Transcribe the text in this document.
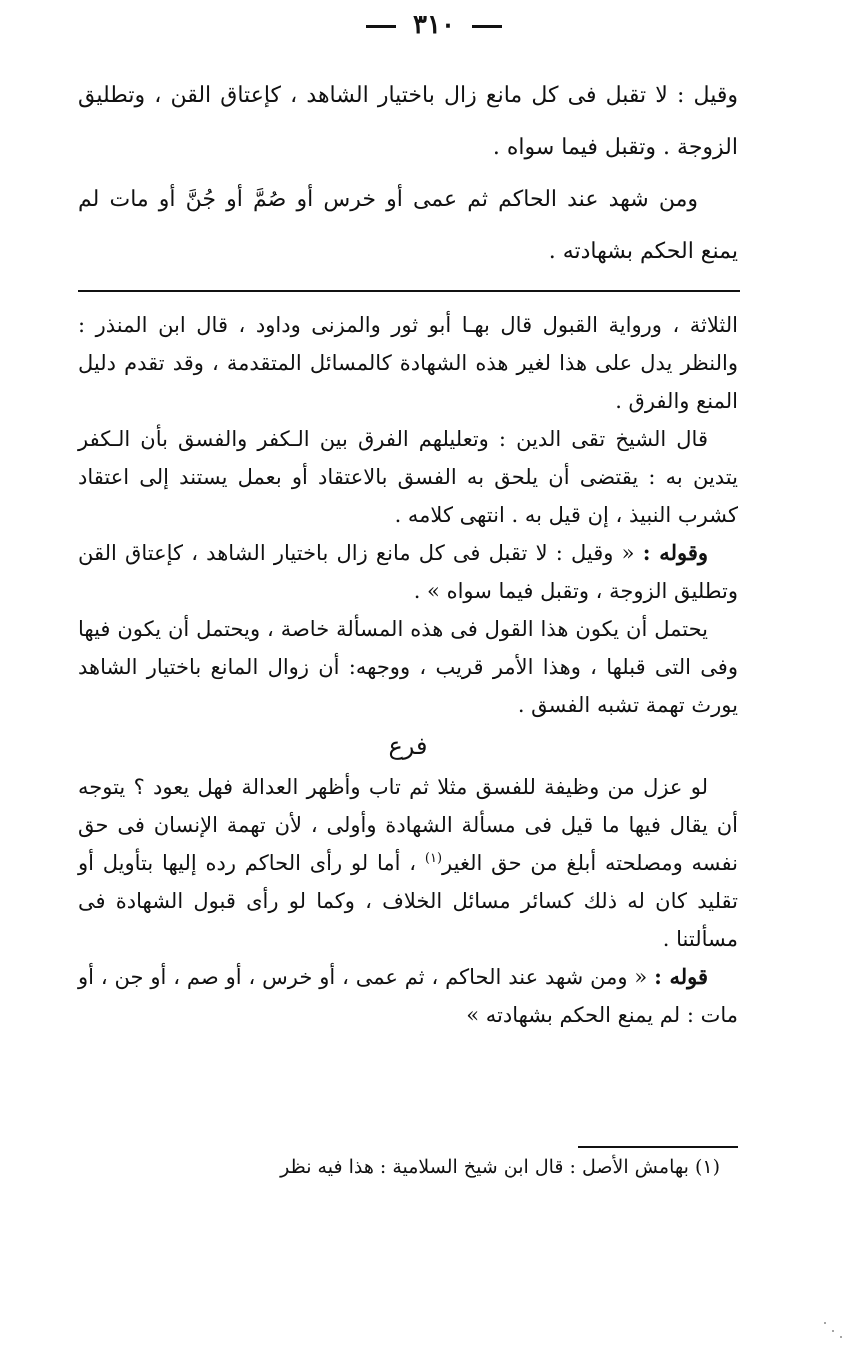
٣١٠

وقيل : لا تقبل فى كل مانع زال باختيار الشاهد ، كإعتاق القن ، وتطليق الزوجة . وتقبل فيما سواه .

ومن شهد عند الحاكم ثم عمى أو خرس أو صُمَّ أو جُنَّ أو مات لم يمنع الحكم بشهادته .

الثلاثة ، ورواية القبول قال بهـا أبو ثور والمزنى وداود ، قال ابن المنذر : والنظر يدل على هذا لغير هذه الشهادة كالمسائل المتقدمة ، وقد تقدم دليل المنع والفرق .

قال الشيخ تقى الدين : وتعليلهم الفرق بين الـكفر والفسق بأن الـكفر يتدين به : يقتضى أن يلحق به الفسق بالاعتقاد أو بعمل يستند إلى اعتقاد كشرب النبيذ ، إن قيل به . انتهى كلامه .

وقوله : « وقيل : لا تقبل فى كل مانع زال باختيار الشاهد ، كإعتاق القن وتطليق الزوجة ، وتقبل فيما سواه » .

يحتمل أن يكون هذا القول فى هذه المسألة خاصة ، ويحتمل أن يكون فيها وفى التى قبلها ، وهذا الأمر قريب ، ووجهه: أن زوال المانع باختيار الشاهد يورث تهمة تشبه الفسق .

فرع

لو عزل من وظيفة للفسق مثلا ثم تاب وأظهر العدالة فهل يعود ؟ يتوجه أن يقال فيها ما قيل فى مسألة الشهادة وأولى ، لأن تهمة الإنسان فى حق نفسه ومصلحته أبلغ من حق الغير$^{(١)}$ ، أما لو رأى الحاكم رده إليها بتأويل أو تقليد كان له ذلك كسائر مسائل الخلاف ، وكما لو رأى قبول الشهادة فى مسألتنا .

قوله : « ومن شهد عند الحاكم ، ثم عمى ، أو خرس ، أو صم ، أو جن ، أو مات : لم يمنع الحكم بشهادته »

(١) بهامش الأصل : قال ابن شيخ السلامية : هذا فيه نظر
